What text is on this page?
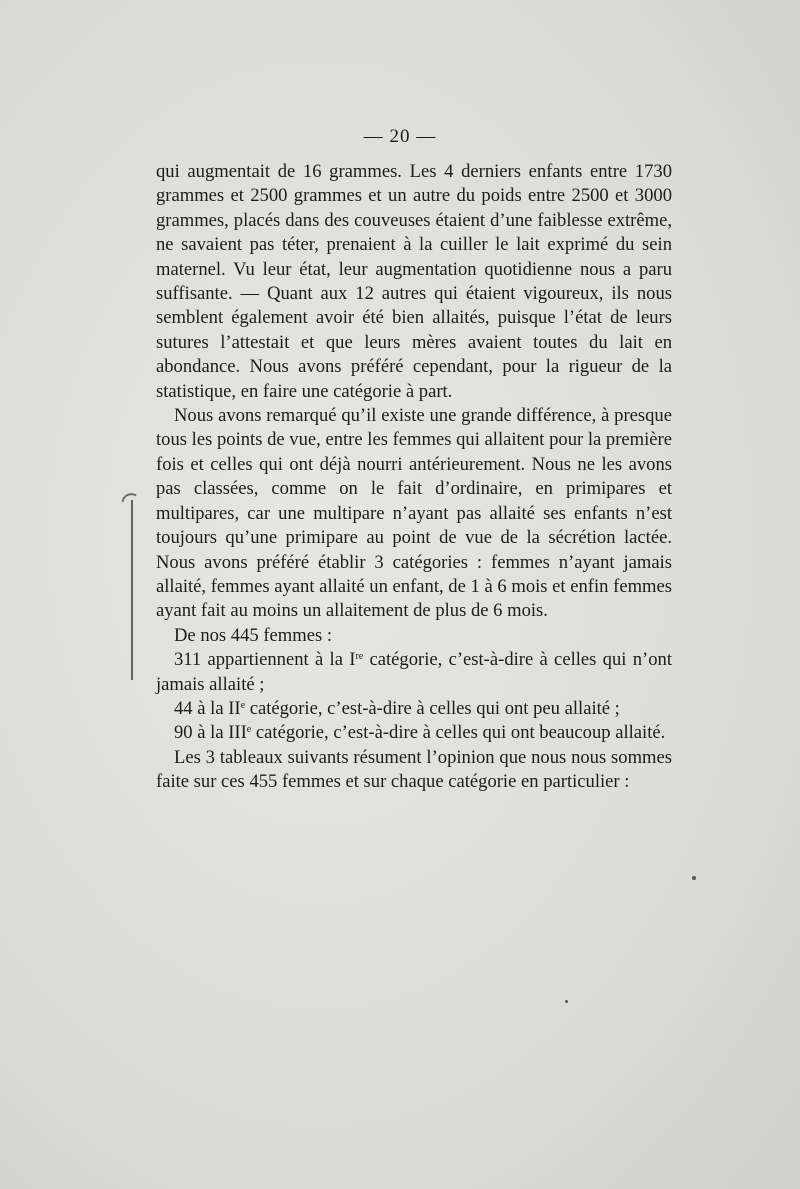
— 20 —

qui augmentait de 16 grammes. Les 4 derniers enfants entre 1730 grammes et 2500 grammes et un autre du poids entre 2500 et 3000 grammes, placés dans des couveuses étaient d’une faiblesse extrême, ne savaient pas téter, prenaient à la cuiller le lait exprimé du sein maternel. Vu leur état, leur augmentation quotidienne nous a paru suffisante. — Quant aux 12 autres qui étaient vigoureux, ils nous semblent également avoir été bien allaités, puisque l’état de leurs sutures l’attestait et que leurs mères avaient toutes du lait en abondance. Nous avons préféré cependant, pour la rigueur de la statistique, en faire une catégorie à part.

Nous avons remarqué qu’il existe une grande différence, à presque tous les points de vue, entre les femmes qui allaitent pour la première fois et celles qui ont déjà nourri antérieurement. Nous ne les avons pas classées, comme on le fait d’ordinaire, en primipares et multipares, car une multipare n’ayant pas allaité ses enfants n’est toujours qu’une primipare au point de vue de la sécrétion lactée. Nous avons préféré établir 3 catégories : femmes n’ayant jamais allaité, femmes ayant allaité un enfant, de 1 à 6 mois et enfin femmes ayant fait au moins un allaitement de plus de 6 mois.

De nos 445 femmes :

311 appartiennent à la Ire catégorie, c’est-à-dire à celles qui n’ont jamais allaité ;

44 à la IIe catégorie, c’est-à-dire à celles qui ont peu allaité ;

90 à la IIIe catégorie, c’est-à-dire à celles qui ont beaucoup allaité.

Les 3 tableaux suivants résument l’opinion que nous nous sommes faite sur ces 455 femmes et sur chaque catégorie en particulier :
